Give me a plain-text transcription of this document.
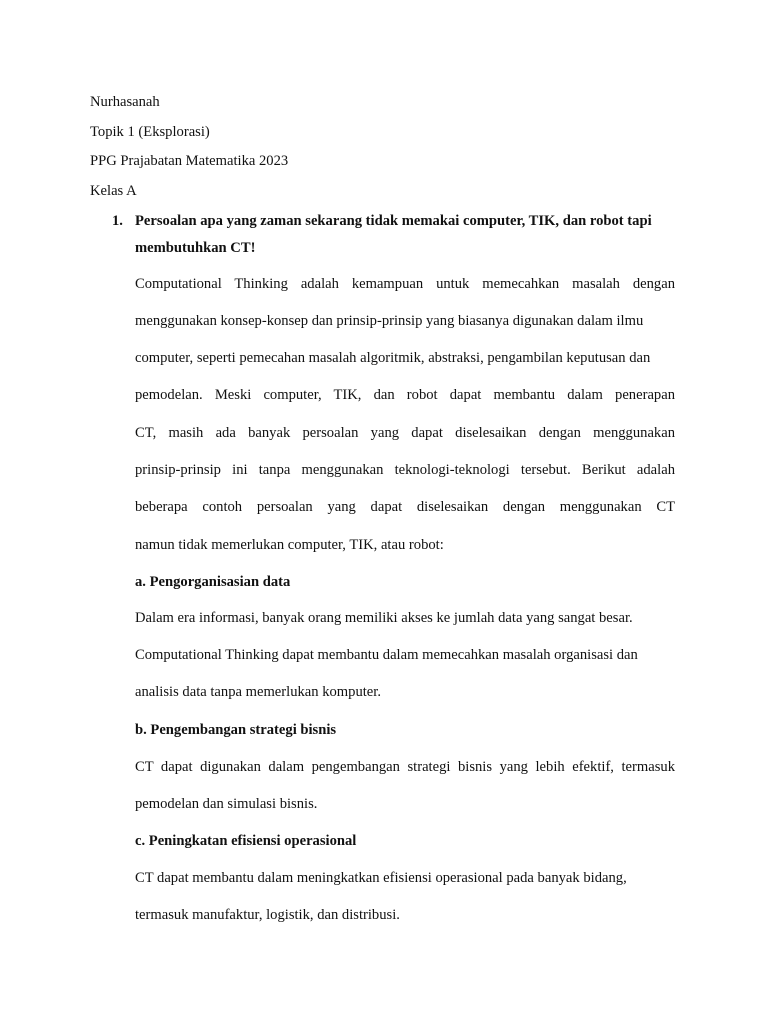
Nurhasanah
Topik 1 (Eksplorasi)
PPG Prajabatan Matematika 2023
Kelas A
1. Persoalan apa yang zaman sekarang tidak memakai computer, TIK, dan robot tapi
membutuhkan CT!
Computational Thinking adalah kemampuan untuk memecahkan masalah dengan
menggunakan konsep-konsep dan prinsip-prinsip yang biasanya digunakan dalam ilmu
computer, seperti pemecahan masalah algoritmik, abstraksi, pengambilan keputusan dan
pemodelan. Meski computer, TIK, dan robot dapat membantu dalam penerapan
CT, masih ada banyak persoalan yang dapat diselesaikan dengan menggunakan
prinsip-prinsip ini tanpa menggunakan teknologi-teknologi tersebut. Berikut adalah
beberapa contoh persoalan yang dapat diselesaikan dengan menggunakan CT
namun tidak memerlukan computer, TIK, atau robot:
a. Pengorganisasian data
Dalam era informasi, banyak orang memiliki akses ke jumlah data yang sangat besar.
Computational Thinking dapat membantu dalam memecahkan masalah organisasi dan
analisis data tanpa memerlukan komputer.
b. Pengembangan strategi bisnis
CT dapat digunakan dalam pengembangan strategi bisnis yang lebih efektif, termasuk
pemodelan dan simulasi bisnis.
c. Peningkatan efisiensi operasional
CT dapat membantu dalam meningkatkan efisiensi operasional pada banyak bidang,
termasuk manufaktur, logistik, dan distribusi.
